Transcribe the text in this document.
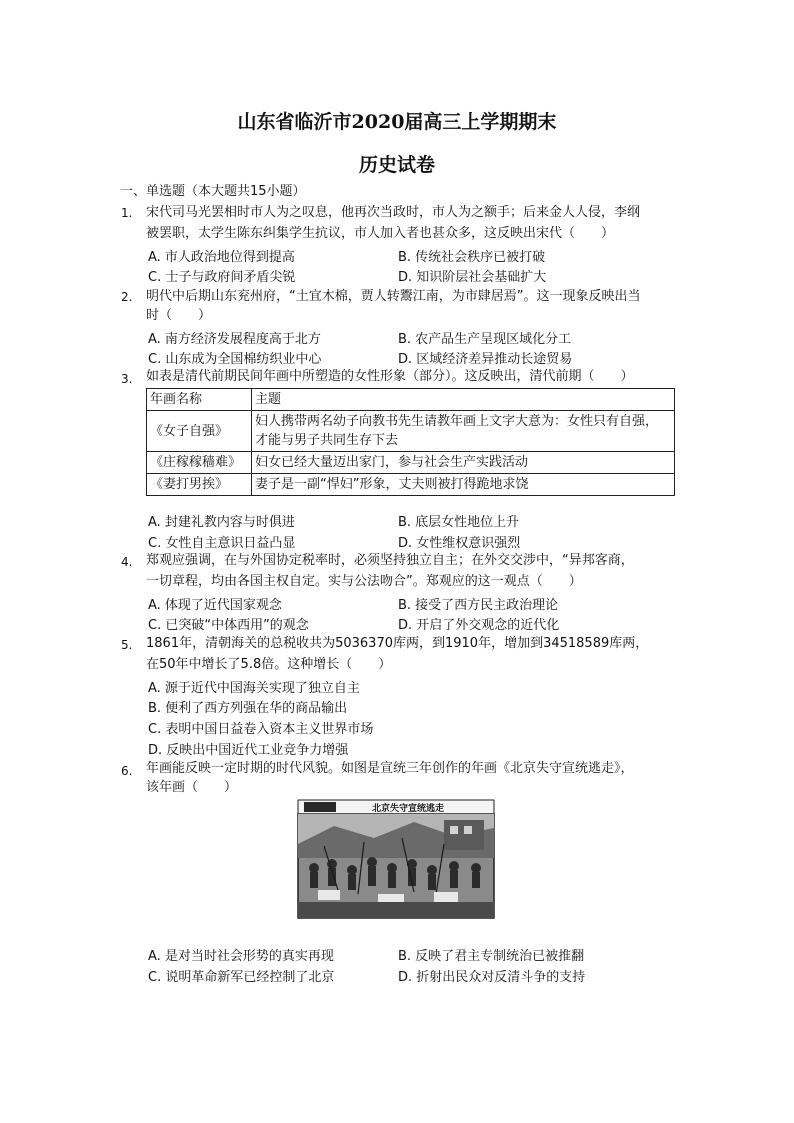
山东省临沂市2020届高三上学期期末
历史试卷
一、单选题（本大题共15小题）
1. 宋代司马光罢相时市人为之叹息，他再次当政时，市人为之额手；后来金人人侵，李纲
被罢职，太学生陈东纠集学生抗议，市人加入者也甚众多，这反映出宋代（　　）
A. 市人政治地位得到提高	B. 传统社会秩序已被打破
C. 士子与政府间矛盾尖锐	D. 知识阶层社会基础扩大
2. 明代中后期山东兖州府，“土宜木棉，贾人转鬻江南，为市肆居焉”。这一现象反映出当
时（　　）
A. 南方经济发展程度高于北方	B. 农产品生产呈现区域化分工
C. 山东成为全国棉纺织业中心	D. 区域经济差异推动长途贸易
3. 如表是清代前期民间年画中所塑造的女性形象（部分）。这反映出，清代前期（　　）
年画名称	主题
《女子自强》	妇人携带两名幼子向教书先生请教年画上文字大意为：女性只有自强，
才能与男子共同生存下去

《庄稼稼穑难》	妇女已经大量迈出家门，参与社会生产实践活动
《妻打男挨》	妻子是一副“悍妇”形象，丈夫则被打得跪地求饶
A. 封建礼教内容与时俱进	B. 底层女性地位上升
C. 女性自主意识日益凸显	D. 女性维权意识强烈
4. 郑观应强调，在与外国协定税率时，必须坚持独立自主；在外交交涉中，“异邦客商，
一切章程，均由各国主权自定。实与公法吻合”。郑观应的这一观点（　　）
A. 体现了近代国家观念	B. 接受了西方民主政治理论
C. 已突破“中体西用”的观念	D. 开启了外交观念的近代化
5. 1861年，清朝海关的总税收共为5036370库两，到1910年，增加到34518589库两，
在50年中增长了5.8倍。这种增长（　　）
A. 源于近代中国海关实现了独立自主
B. 便利了西方列强在华的商品输出
C. 表明中国日益卷入资本主义世界市场
D. 反映出中国近代工业竞争力增强
6. 年画能反映一定时期的时代风貌。如图是宣统三年创作的年画《北京失守宣统逃走》，
该年画（　　）
北京失守宣统逃走
A. 是对当时社会形势的真实再现	B. 反映了君主专制统治已被推翻
C. 说明革命新军已经控制了北京	D. 折射出民众对反清斗争的支持
